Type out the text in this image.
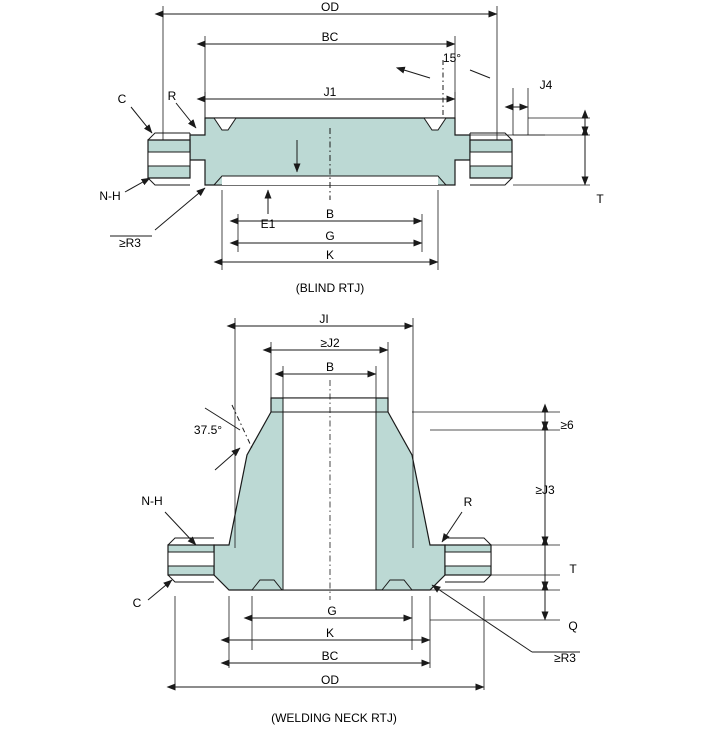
OD
BC
J1
15°
J4
C	R
N-H
≥R3
E1
B
G
K
T
(BLIND RTJ)
JI
≥J2
B
37.5°	≥6
≥J3
N-H	R
C
T
Q
G
K
BC
OD
≥R3
(WELDING NECK RTJ)
